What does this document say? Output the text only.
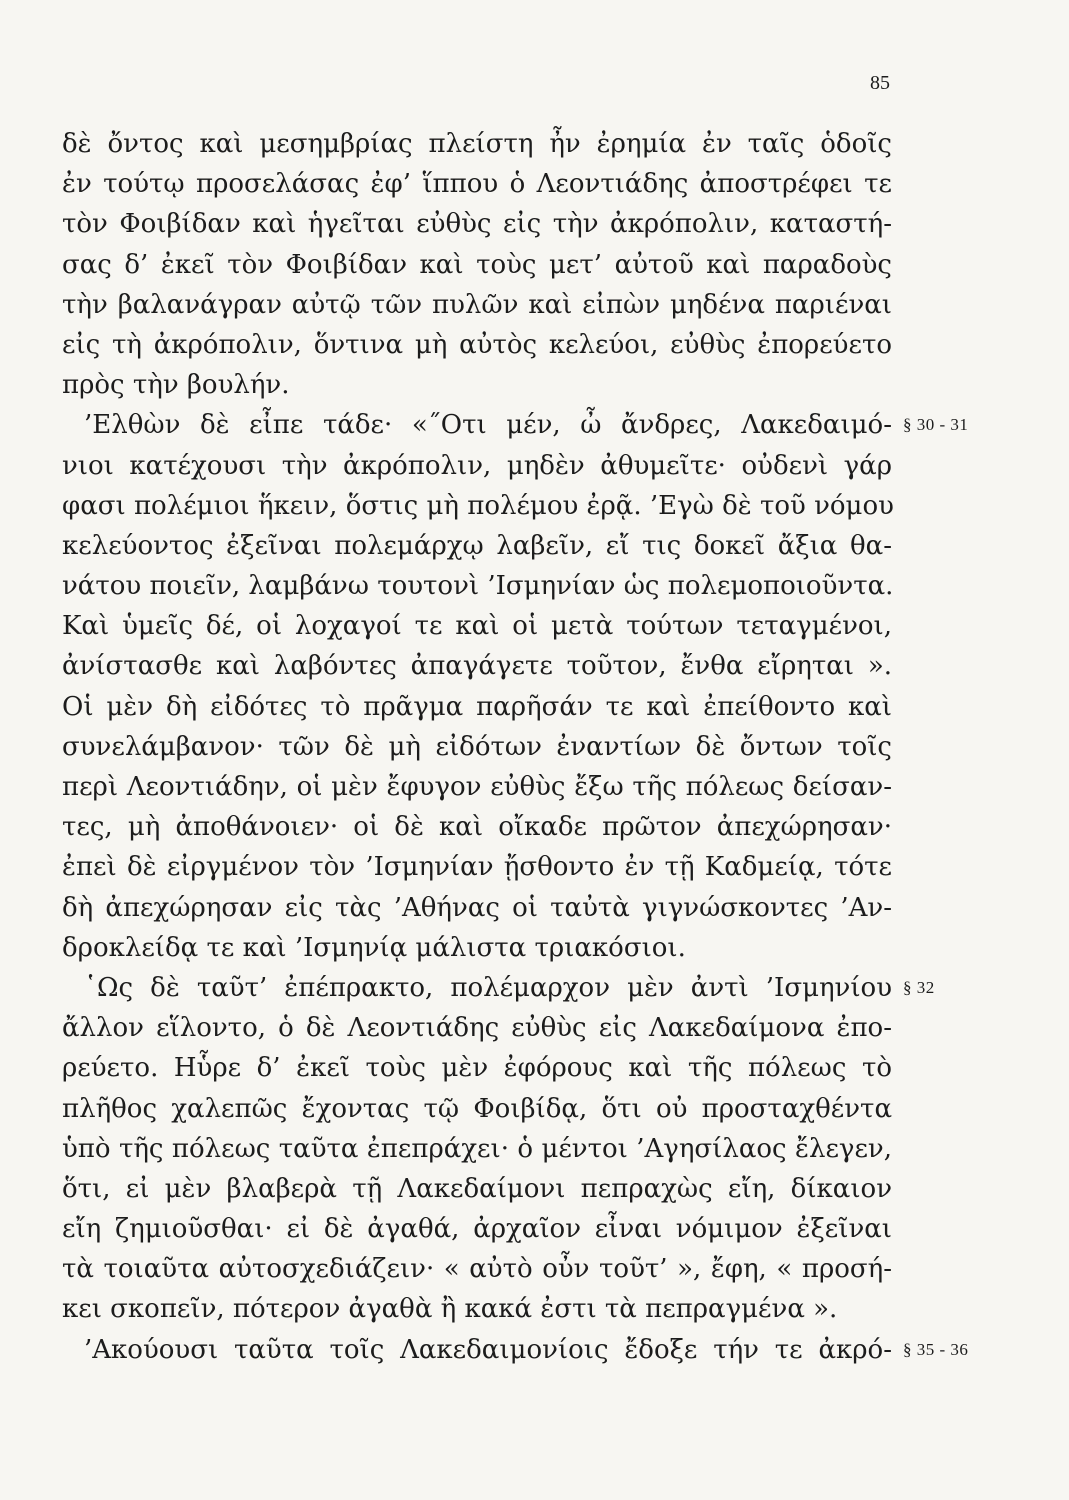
85
δὲ ὄντος καὶ μεσημβρίας πλείστη ἦν ἐρημία ἐν ταῖς ὁδοῖς
ἐν τούτῳ προσελάσας ἐφ’ ἵππου ὁ Λεοντιάδης ἀποστρέφει τε
τὸν Φοιβίδαν καὶ ἡγεῖται εὐθὺς εἰς τὴν ἀκρόπολιν, καταστή-
σας δ’ ἐκεῖ τὸν Φοιβίδαν καὶ τοὺς μετ’ αὐτοῦ καὶ παραδοὺς
τὴν βαλανάγραν αὐτῷ τῶν πυλῶν καὶ εἰπὼν μηδένα παριέναι
εἰς τὴ ἀκρόπολιν, ὅντινα μὴ αὐτὸς κελεύοι, εὐθὺς ἐπορεύετο
πρὸς τὴν βουλήν.
’Ελθὼν δὲ εἶπε τάδε· «˝Οτι μέν, ὦ ἄνδρες, Λακεδαιμό-
νιοι κατέχουσι τὴν ἀκρόπολιν, μηδὲν ἀθυμεῖτε· οὐδενὶ γάρ
φασι πολέμιοι ἥκειν, ὅστις μὴ πολέμου ἐρᾷ. ’Εγὼ δὲ τοῦ νόμου
κελεύοντος ἐξεῖναι πολεμάρχῳ λαβεῖν, εἴ τις δοκεῖ ἄξια θα-
νάτου ποιεῖν, λαμβάνω τουτονὶ ’Ισμηνίαν ὡς πολεμοποιοῦντα.
Καὶ ὑμεῖς δέ, οἱ λοχαγοί τε καὶ οἱ μετὰ τούτων τεταγμένοι,
ἀνίστασθε καὶ λαβόντες ἀπαγάγετε τοῦτον, ἔνθα εἴρηται ».
Οἱ μὲν δὴ εἰδότες τὸ πρᾶγμα παρῆσάν τε καὶ ἐπείθοντο καὶ
συνελάμβανον· τῶν δὲ μὴ εἰδότων ἐναντίων δὲ ὄντων τοῖς
περὶ Λεοντιάδην, οἱ μὲν ἔφυγον εὐθὺς ἔξω τῆς πόλεως δείσαν-
τες, μὴ ἀποθάνοιεν· οἱ δὲ καὶ οἴκαδε πρῶτον ἀπεχώρησαν·
ἐπεὶ δὲ εἰργμένον τὸν ’Ισμηνίαν ᾔσθοντο ἐν τῇ Καδμείᾳ, τότε
δὴ ἀπεχώρησαν εἰς τὰς ’Αθήνας οἱ ταὐτὰ γιγνώσκοντες ’Αν-
δροκλείδᾳ τε καὶ ’Ισμηνίᾳ μάλιστα τριακόσιοι.
῾Ως δὲ ταῦτ’ ἐπέπρακτο, πολέμαρχον μὲν ἀντὶ ’Ισμηνίου
ἄλλον εἵλοντο, ὁ δὲ Λεοντιάδης εὐθὺς εἰς Λακεδαίμονα ἐπο-
ρεύετο. Ηὗρε δ’ ἐκεῖ τοὺς μὲν ἐφόρους καὶ τῆς πόλεως τὸ
πλῆθος χαλεπῶς ἔχοντας τῷ Φοιβίδᾳ, ὅτι οὐ προσταχθέντα
ὑπὸ τῆς πόλεως ταῦτα ἐπεπράχει· ὁ μέντοι ’Αγησίλαος ἔλεγεν,
ὅτι, εἰ μὲν βλαβερὰ τῇ Λακεδαίμονι πεπραχὼς εἴη, δίκαιον
εἴη ζημιοῦσθαι· εἰ δὲ ἀγαθά, ἀρχαῖον εἶναι νόμιμον ἐξεῖναι
τὰ τοιαῦτα αὐτοσχεδιάζειν· « αὐτὸ οὖν τοῦτ’ », ἔφη, « προσή-
κει σκοπεῖν, πότερον ἀγαθὰ ἢ κακά ἐστι τὰ πεπραγμένα ».
’Ακούουσι ταῦτα τοῖς Λακεδαιμονίοις ἔδοξε τήν τε ἀκρό-
§ 30 - 31
§ 32
§ 35 - 36
